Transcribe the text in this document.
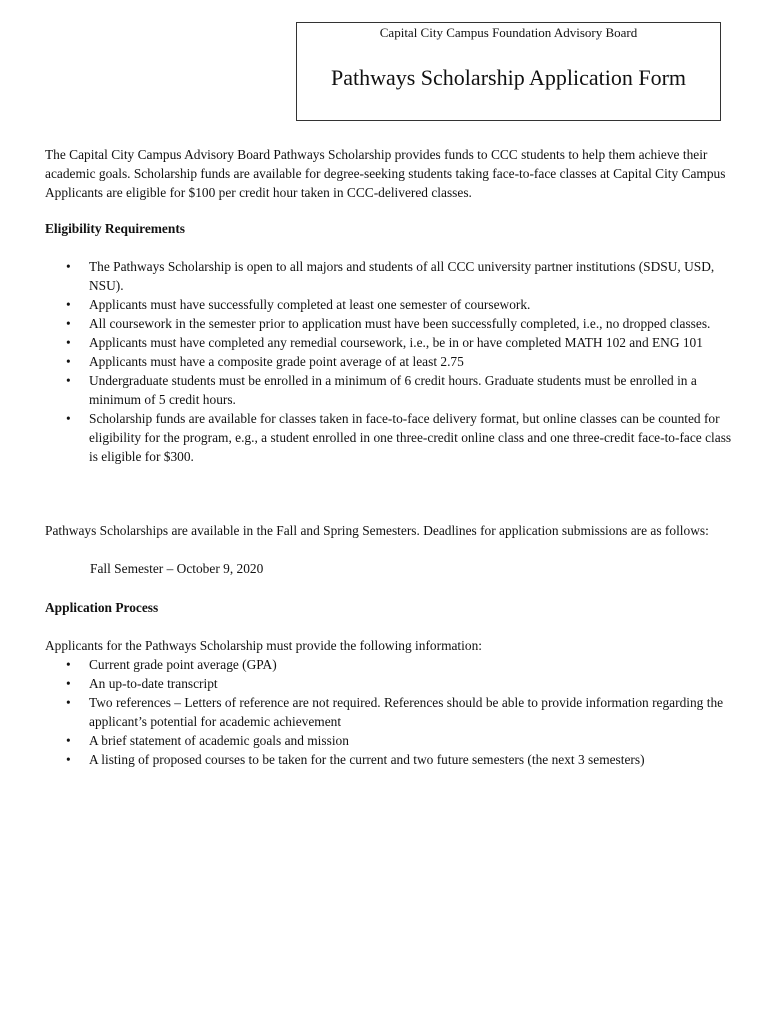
Capital City Campus Foundation Advisory Board
Pathways Scholarship Application Form
The Capital City Campus Advisory Board Pathways Scholarship provides funds to CCC students to help them achieve their academic goals. Scholarship funds are available for degree-seeking students taking face-to-face classes at Capital City Campus Applicants are eligible for $100 per credit hour taken in CCC-delivered classes.
Eligibility Requirements
• The Pathways Scholarship is open to all majors and students of all CCC university partner institutions (SDSU, USD, NSU).
• Applicants must have successfully completed at least one semester of coursework.
• All coursework in the semester prior to application must have been successfully completed, i.e., no dropped classes.
• Applicants must have completed any remedial coursework, i.e., be in or have completed MATH 102 and ENG 101
• Applicants must have a composite grade point average of at least 2.75
• Undergraduate students must be enrolled in a minimum of 6 credit hours. Graduate students must be enrolled in a minimum of 5 credit hours.
• Scholarship funds are available for classes taken in face-to-face delivery format, but online classes can be counted for eligibility for the program, e.g., a student enrolled in one three-credit online class and one three-credit face-to-face class is eligible for $300.
Pathways Scholarships are available in the Fall and Spring Semesters. Deadlines for application submissions are as follows:
Fall Semester – October 9, 2020
Application Process
Applicants for the Pathways Scholarship must provide the following information:
• Current grade point average (GPA)
• An up-to-date transcript
• Two references – Letters of reference are not required. References should be able to provide information regarding the applicant’s potential for academic achievement
• A brief statement of academic goals and mission
• A listing of proposed courses to be taken for the current and two future semesters (the next 3 semesters)
